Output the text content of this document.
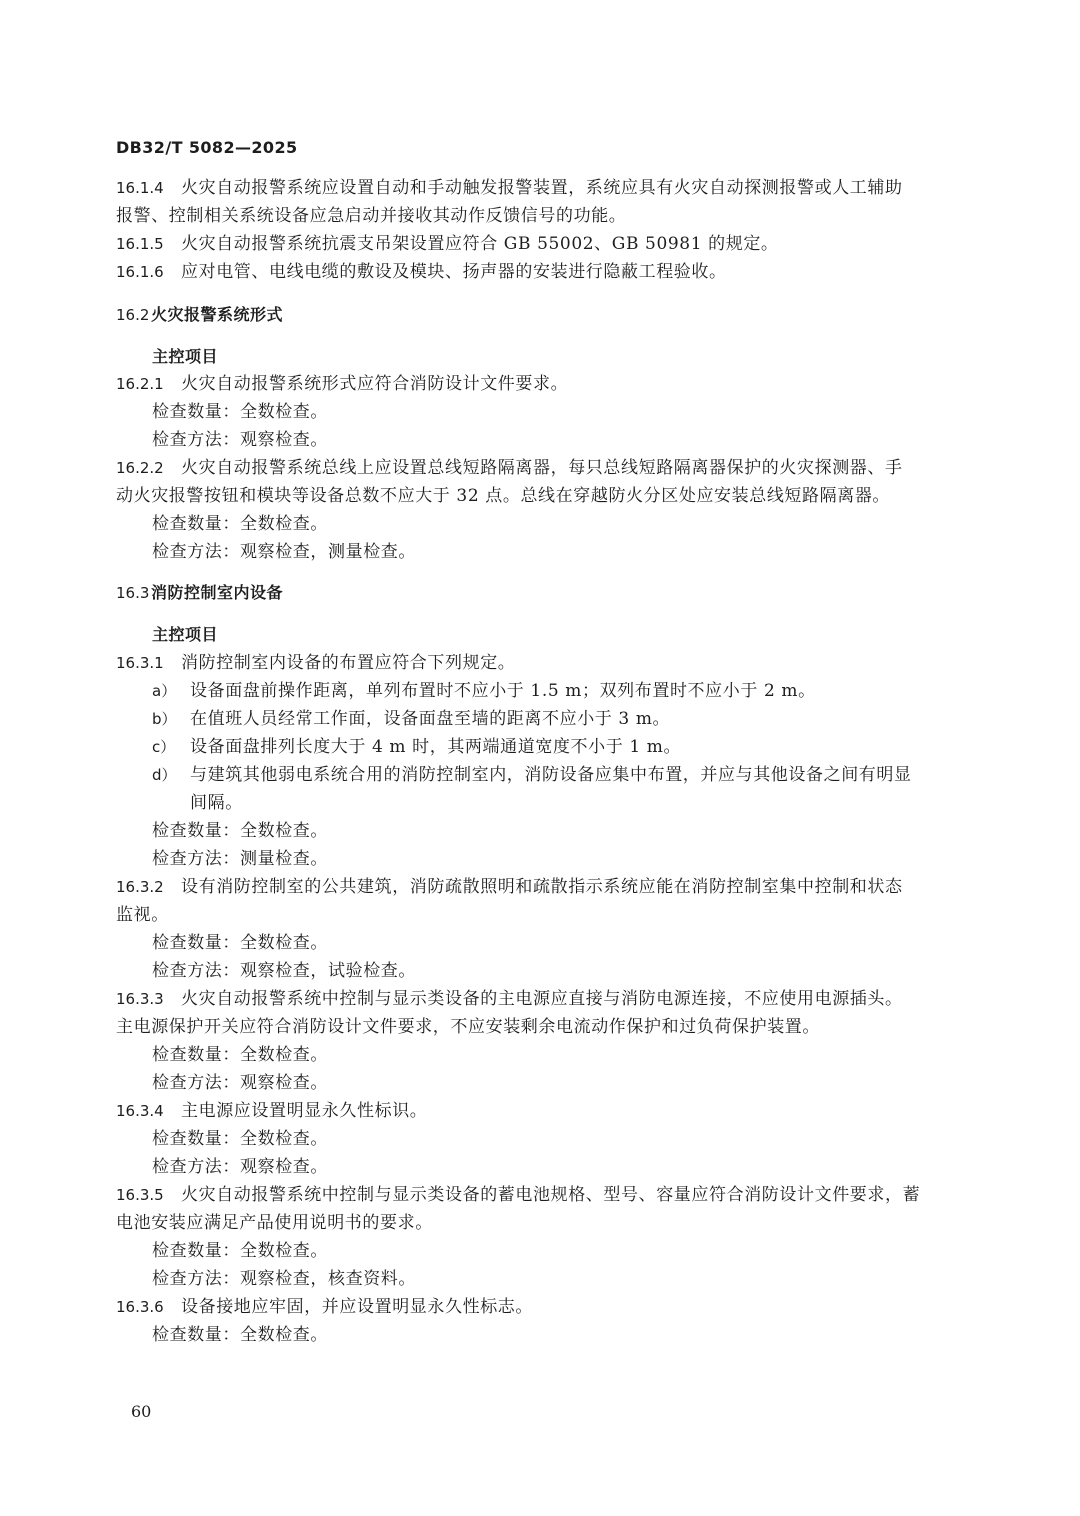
DB32/T 5082—2025
16.1.4 火灾自动报警系统应设置自动和手动触发报警装置，系统应具有火灾自动探测报警或人工辅助
报警、控制相关系统设备应急启动并接收其动作反馈信号的功能。
16.1.5 火灾自动报警系统抗震支吊架设置应符合 GB 55002、GB 50981 的规定。
16.1.6 应对电管、电线电缆的敷设及模块、扬声器的安装进行隐蔽工程验收。
16.2火灾报警系统形式
主控项目
16.2.1 火灾自动报警系统形式应符合消防设计文件要求。
检查数量：全数检查。
检查方法：观察检查。
16.2.2 火灾自动报警系统总线上应设置总线短路隔离器，每只总线短路隔离器保护的火灾探测器、手
动火灾报警按钮和模块等设备总数不应大于 32 点。总线在穿越防火分区处应安装总线短路隔离器。
检查数量：全数检查。
检查方法：观察检查，测量检查。
16.3消防控制室内设备
主控项目
16.3.1 消防控制室内设备的布置应符合下列规定。
a） 设备面盘前操作距离，单列布置时不应小于 1.5 m；双列布置时不应小于 2 m。
b） 在值班人员经常工作面，设备面盘至墙的距离不应小于 3 m。
c） 设备面盘排列长度大于 4 m 时，其两端通道宽度不小于 1 m。
d） 与建筑其他弱电系统合用的消防控制室内，消防设备应集中布置，并应与其他设备之间有明显
间隔。
检查数量：全数检查。
检查方法：测量检查。
16.3.2 设有消防控制室的公共建筑，消防疏散照明和疏散指示系统应能在消防控制室集中控制和状态
监视。
检查数量：全数检查。
检查方法：观察检查，试验检查。
16.3.3 火灾自动报警系统中控制与显示类设备的主电源应直接与消防电源连接，不应使用电源插头。
主电源保护开关应符合消防设计文件要求，不应安装剩余电流动作保护和过负荷保护装置。
检查数量：全数检查。
检查方法：观察检查。
16.3.4 主电源应设置明显永久性标识。
检查数量：全数检查。
检查方法：观察检查。
16.3.5 火灾自动报警系统中控制与显示类设备的蓄电池规格、型号、容量应符合消防设计文件要求，蓄
电池安装应满足产品使用说明书的要求。
检查数量：全数检查。
检查方法：观察检查，核查资料。
16.3.6 设备接地应牢固，并应设置明显永久性标志。
检查数量：全数检查。
60
